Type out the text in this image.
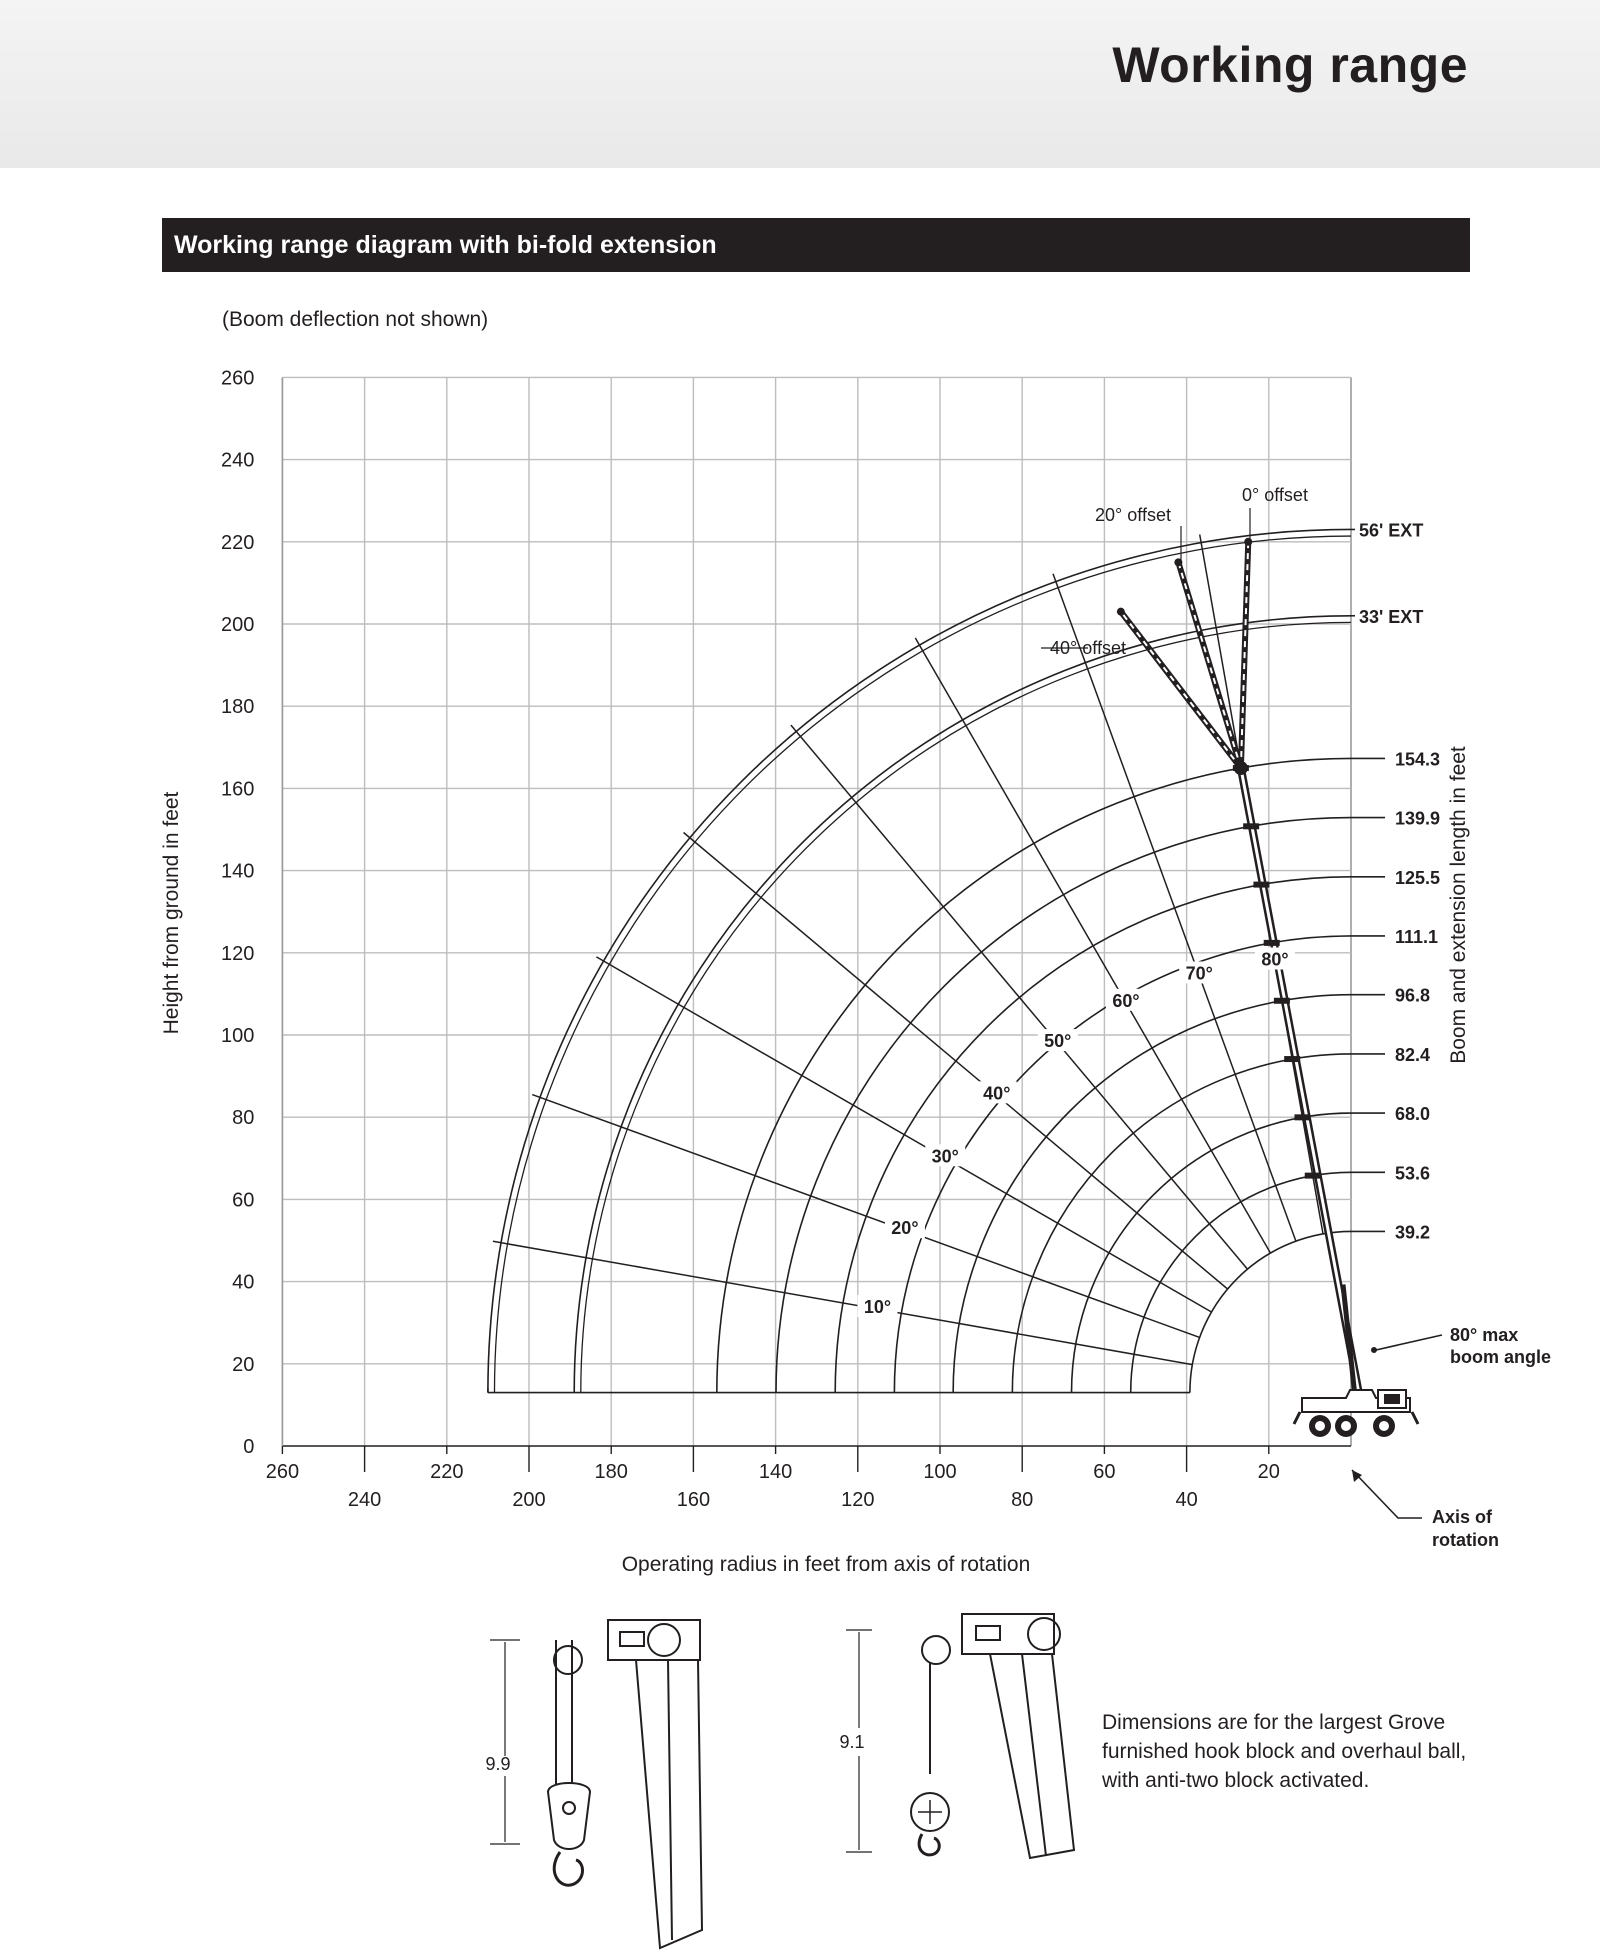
Working range
Working range diagram with bi-fold extension
(Boom deflection not shown)
260
240
220
200
180
160
140
120
100
80
60
40
20
0
20
40
60
80
100
120
140
160
180
200
220
240
260
39.2
53.6
68.0
82.4
96.8
111.1
125.5
139.9
154.3
33' EXT
56' EXT
10°
20°
30°
40°
50°
60°
70°
80°
0° offset
20° offset
40° offset
Operating radius in feet from axis of rotation
Height from ground in feet	Boom and extension length in feet
80° max
boom angle
Axis of
rotation
9.9
9.1
Dimensions are for the largest Grove furnished hook block and overhaul ball, with anti-two block activated.
